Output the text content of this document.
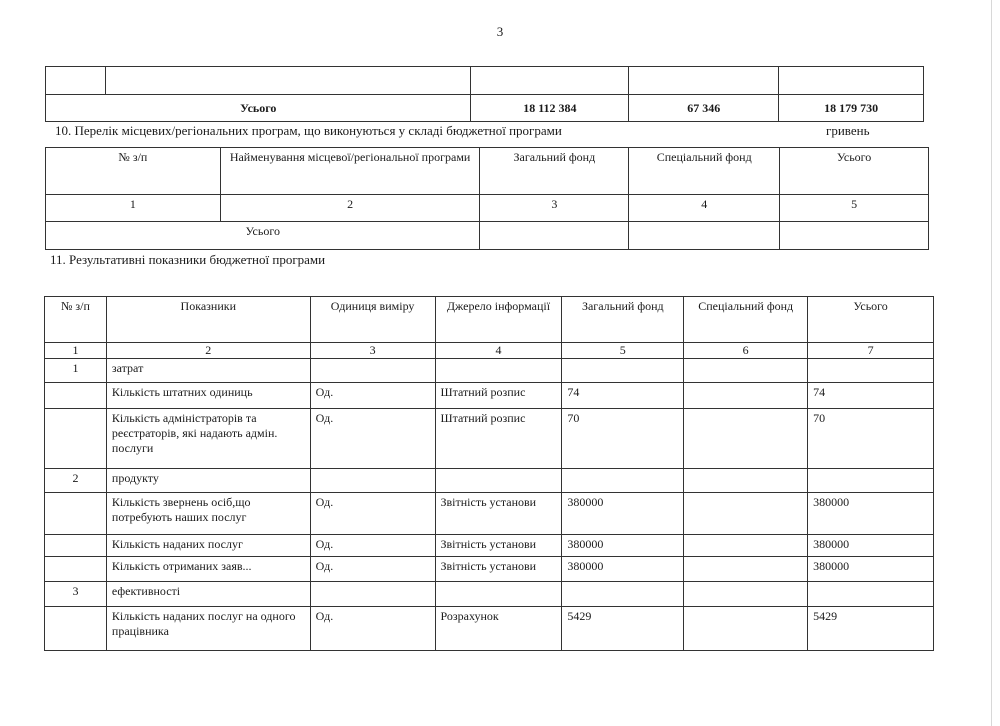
3

Усього		18 112 384	67 346	18 179 730
10. Перелік місцевих/регіональних програм, що виконуються у складі бюджетної програми	гривень
№ з/п	Найменування місцевої/регіональної програми	Загальний фонд	Спеціальний фонд	Усього
1	2	3	4	5
Усього				
11. Результативні показники бюджетної програми
№ з/п	Показники	Одиниця виміру	Джерело інформації	Загальний фонд	Спеціальний фонд	Усього
1	2	3	4	5	6	7
1	затрат					
	Кількість штатних одиниць	Од.	Штатний розпис	74		74
	Кількість адміністраторів та реєстраторів, які надають адмін. послуги	Од.	Штатний розпис	70		70
2	продукту					
	Кількість звернень осіб,що потребують наших послуг	Од.	Звітність установи	380000		380000
	Кількість наданих послуг	Од.	Звітність установи	380000		380000
	Кількість отриманих заяв...	Од.	Звітність установи	380000		380000
3	ефективності					
	Кількість наданих послуг на одного працівника	Од.	Розрахунок	5429		5429
